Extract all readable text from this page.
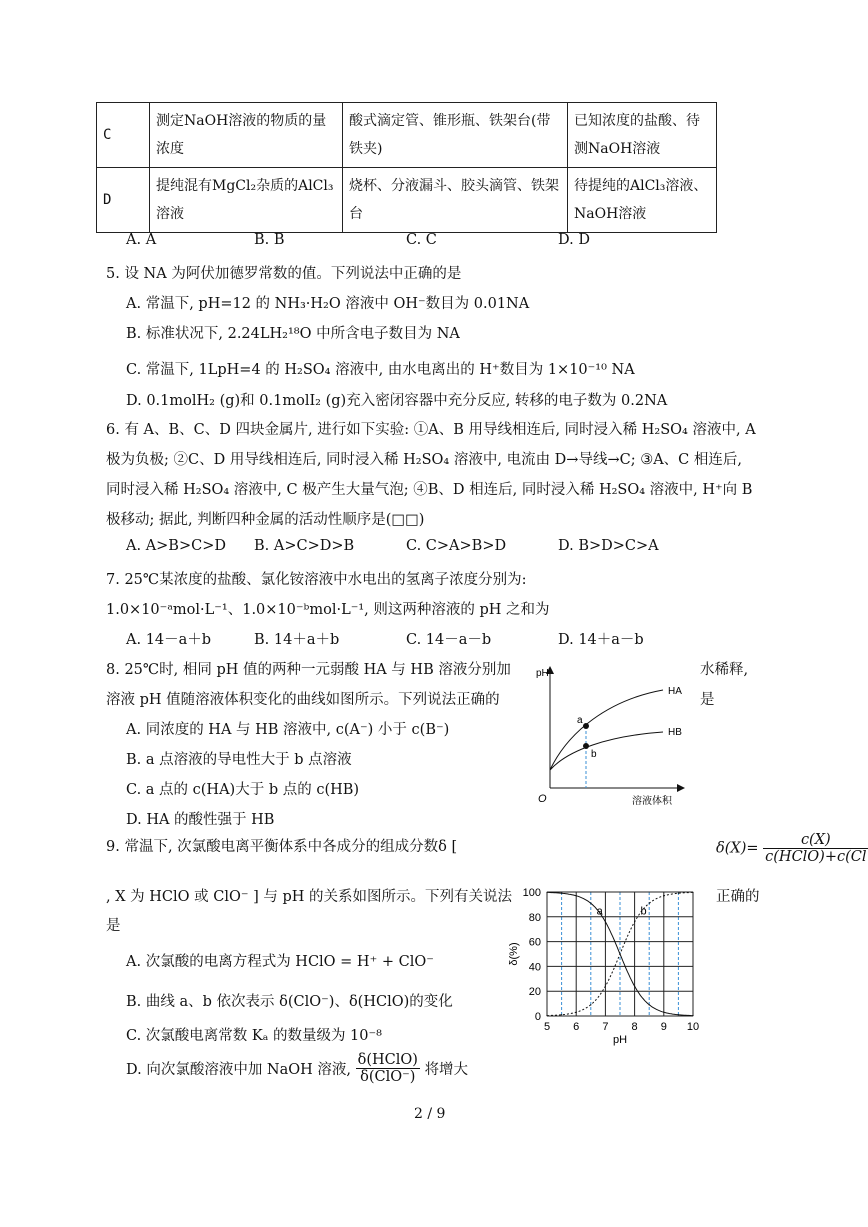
C	测定NaOH溶液的物质的量浓度	酸式滴定管、锥形瓶、铁架台(带铁夹)	已知浓度的盐酸、待测NaOH溶液
D	提纯混有MgCl₂杂质的AlCl₃溶液	烧杯、分液漏斗、胶头滴管、铁架台	待提纯的AlCl₃溶液、NaOH溶液
A. A	B. B	C. C	D. D
5. 设 NA 为阿伏加德罗常数的值。下列说法中正确的是
A. 常温下, pH=12 的 NH₃·H₂O 溶液中 OH⁻数目为 0.01NA
B. 标准状况下, 2.24LH₂¹⁸O 中所含电子数目为 NA
C. 常温下, 1LpH=4 的 H₂SO₄ 溶液中, 由水电离出的 H⁺数目为 1×10⁻¹⁰ NA
D. 0.1molH₂ (g)和 0.1molI₂ (g)充入密闭容器中充分反应, 转移的电子数为 0.2NA
6. 有 A、B、C、D 四块金属片, 进行如下实验: ①A、B 用导线相连后, 同时浸入稀 H₂SO₄ 溶液中, A
极为负极; ②C、D 用导线相连后, 同时浸入稀 H₂SO₄ 溶液中, 电流由 D→导线→C; ③A、C 相连后,
同时浸入稀 H₂SO₄ 溶液中, C 极产生大量气泡; ④B、D 相连后, 同时浸入稀 H₂SO₄ 溶液中, H⁺向 B
极移动; 据此, 判断四种金属的活动性顺序是(□□)
A. A>B>C>D B. A>C>D>B	C. C>A>B>D	D. B>D>C>A
7. 25℃某浓度的盐酸、氯化铵溶液中水电出的氢离子浓度分别为:
1.0×10⁻ᵃmol·L⁻¹、1.0×10⁻ᵇmol·L⁻¹, 则这两种溶液的 pH 之和为
A. 14－a＋b	B. 14＋a＋b	C. 14－a－b	D. 14＋a－b
8. 25℃时, 相同 pH 值的两种一元弱酸 HA 与 HB 溶液分别加	水稀释,
溶液 pH 值随溶液体积变化的曲线如图所示。下列说法正确的	是
A. 同浓度的 HA 与 HB 溶液中, c(A⁻) 小于 c(B⁻)
B. a 点溶液的导电性大于 b 点溶液
C. a 点的 c(HA)大于 b 点的 c(HB)
D. HA 的酸性强于 HB
pH
溶液体积
O
HA
HB
a
b
9. 常温下, 次氯酸电离平衡体系中各成分的组成分数δ [	$\delta(X)= \frac{c(X)}{\text{c(HClO)+c(Cl}}$
, X 为 HClO 或 ClO⁻ ] 与 pH 的关系如图所示。下列有关说法	正确的
是
A. 次氯酸的电离方程式为 HClO = H⁺ + ClO⁻
B. 曲线 a、b 依次表示 δ(ClO⁻)、δ(HClO)的变化
C. 次氯酸电离常数 Kₐ 的数量级为 10⁻⁸
D. 向次氯酸溶液中加 NaOH 溶液, $\frac{\text{δ(HClO)}}{\text{δ(ClO⁻)}}$ 将增大
0
20
40
60
80
100
5 6 7 8 9 10
pH
δ(%)
a	b
2 / 9
